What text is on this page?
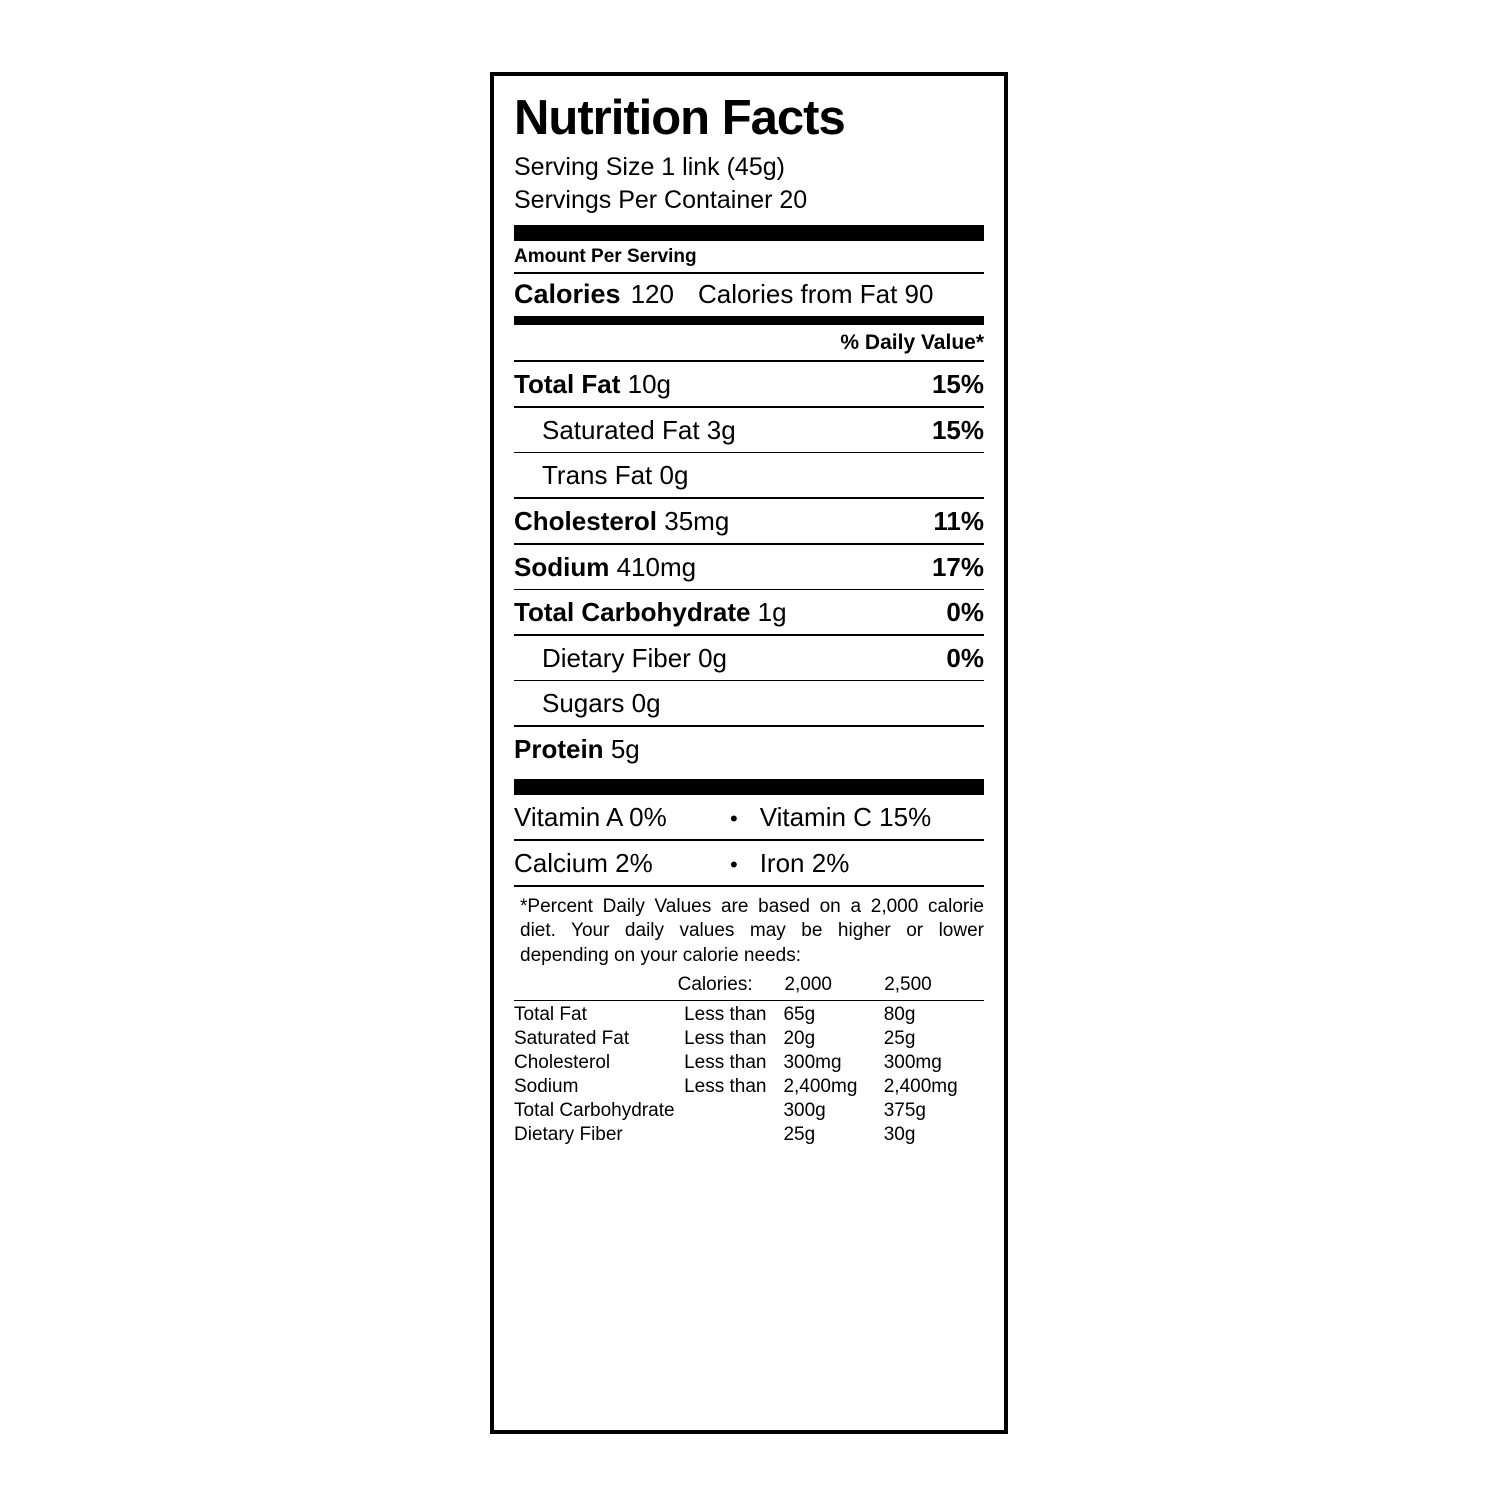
Nutrition Facts
Serving Size 1 link (45g)
Servings Per Container 20
Amount Per Serving
Calories 120 Calories from Fat 90
% Daily Value*
Total Fat 10g	15%
Saturated Fat 3g	15%
Trans Fat 0g
Cholesterol 35mg	11%
Sodium 410mg	17%
Total Carbohydrate 1g	0%
Dietary Fiber 0g	0%
Sugars 0g
Protein 5g
Vitamin A 0%	• Vitamin C 15%
Calcium 2%	• Iron 2%
*Percent Daily Values are based on a 2,000 calorie diet. Your daily values may be higher or lower depending on your calorie needs:
	Calories:	2,000	2,500
Total Fat	Less than	65g	80g
Saturated Fat	Less than	20g	25g
Cholesterol	Less than	300mg	300mg
Sodium	Less than	2,400mg	2,400mg
Total Carbohydrate		300g	375g
Dietary Fiber		25g	30g
